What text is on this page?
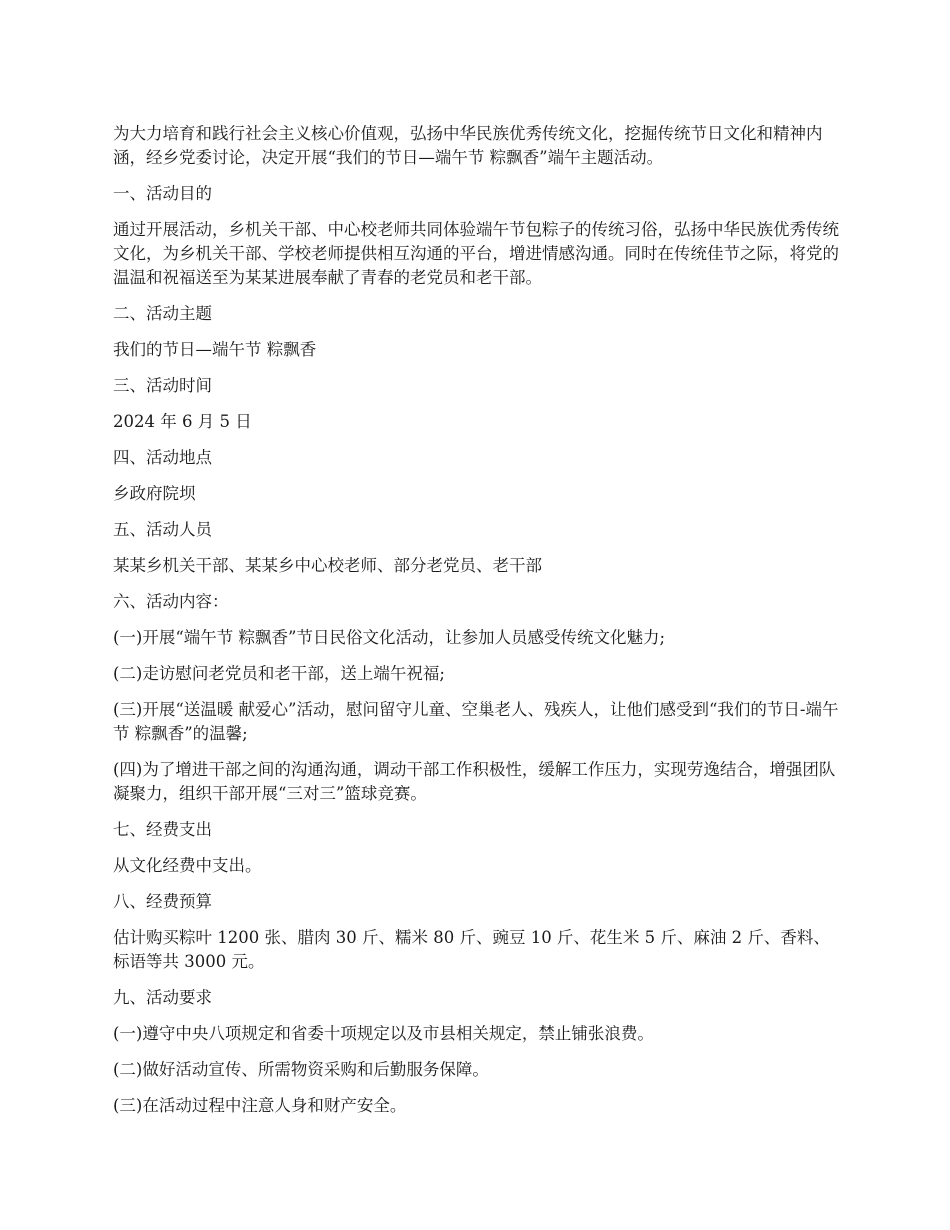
为大力培育和践行社会主义核心价值观，弘扬中华民族优秀传统文化，挖掘传统节日文化和精神内涵，经乡党委讨论，决定开展“我们的节日—端午节 粽飘香”端午主题活动。

一、活动目的

通过开展活动，乡机关干部、中心校老师共同体验端午节包粽子的传统习俗，弘扬中华民族优秀传统文化，为乡机关干部、学校老师提供相互沟通的平台，增进情感沟通。同时在传统佳节之际，将党的温温和祝福送至为某某进展奉献了青春的老党员和老干部。

二、活动主题

我们的节日—端午节 粽飘香

三、活动时间

2024 年 6 月 5 日

四、活动地点

乡政府院坝

五、活动人员

某某乡机关干部、某某乡中心校老师、部分老党员、老干部

六、活动内容：

(一)开展“端午节 粽飘香”节日民俗文化活动，让参加人员感受传统文化魅力;

(二)走访慰问老党员和老干部，送上端午祝福;

(三)开展“送温暖 献爱心”活动，慰问留守儿童、空巢老人、残疾人，让他们感受到“我们的节日-端午节 粽飘香”的温馨;

(四)为了增进干部之间的沟通沟通，调动干部工作积极性，缓解工作压力，实现劳逸结合，增强团队凝聚力，组织干部开展“三对三”篮球竞赛。

七、经费支出

从文化经费中支出。

八、经费预算

估计购买粽叶 1200 张、腊肉 30 斤、糯米 80 斤、豌豆 10 斤、花生米 5 斤、麻油 2 斤、香料、标语等共 3000 元。

九、活动要求

(一)遵守中央八项规定和省委十项规定以及市县相关规定，禁止铺张浪费。

(二)做好活动宣传、所需物资采购和后勤服务保障。

(三)在活动过程中注意人身和财产安全。
